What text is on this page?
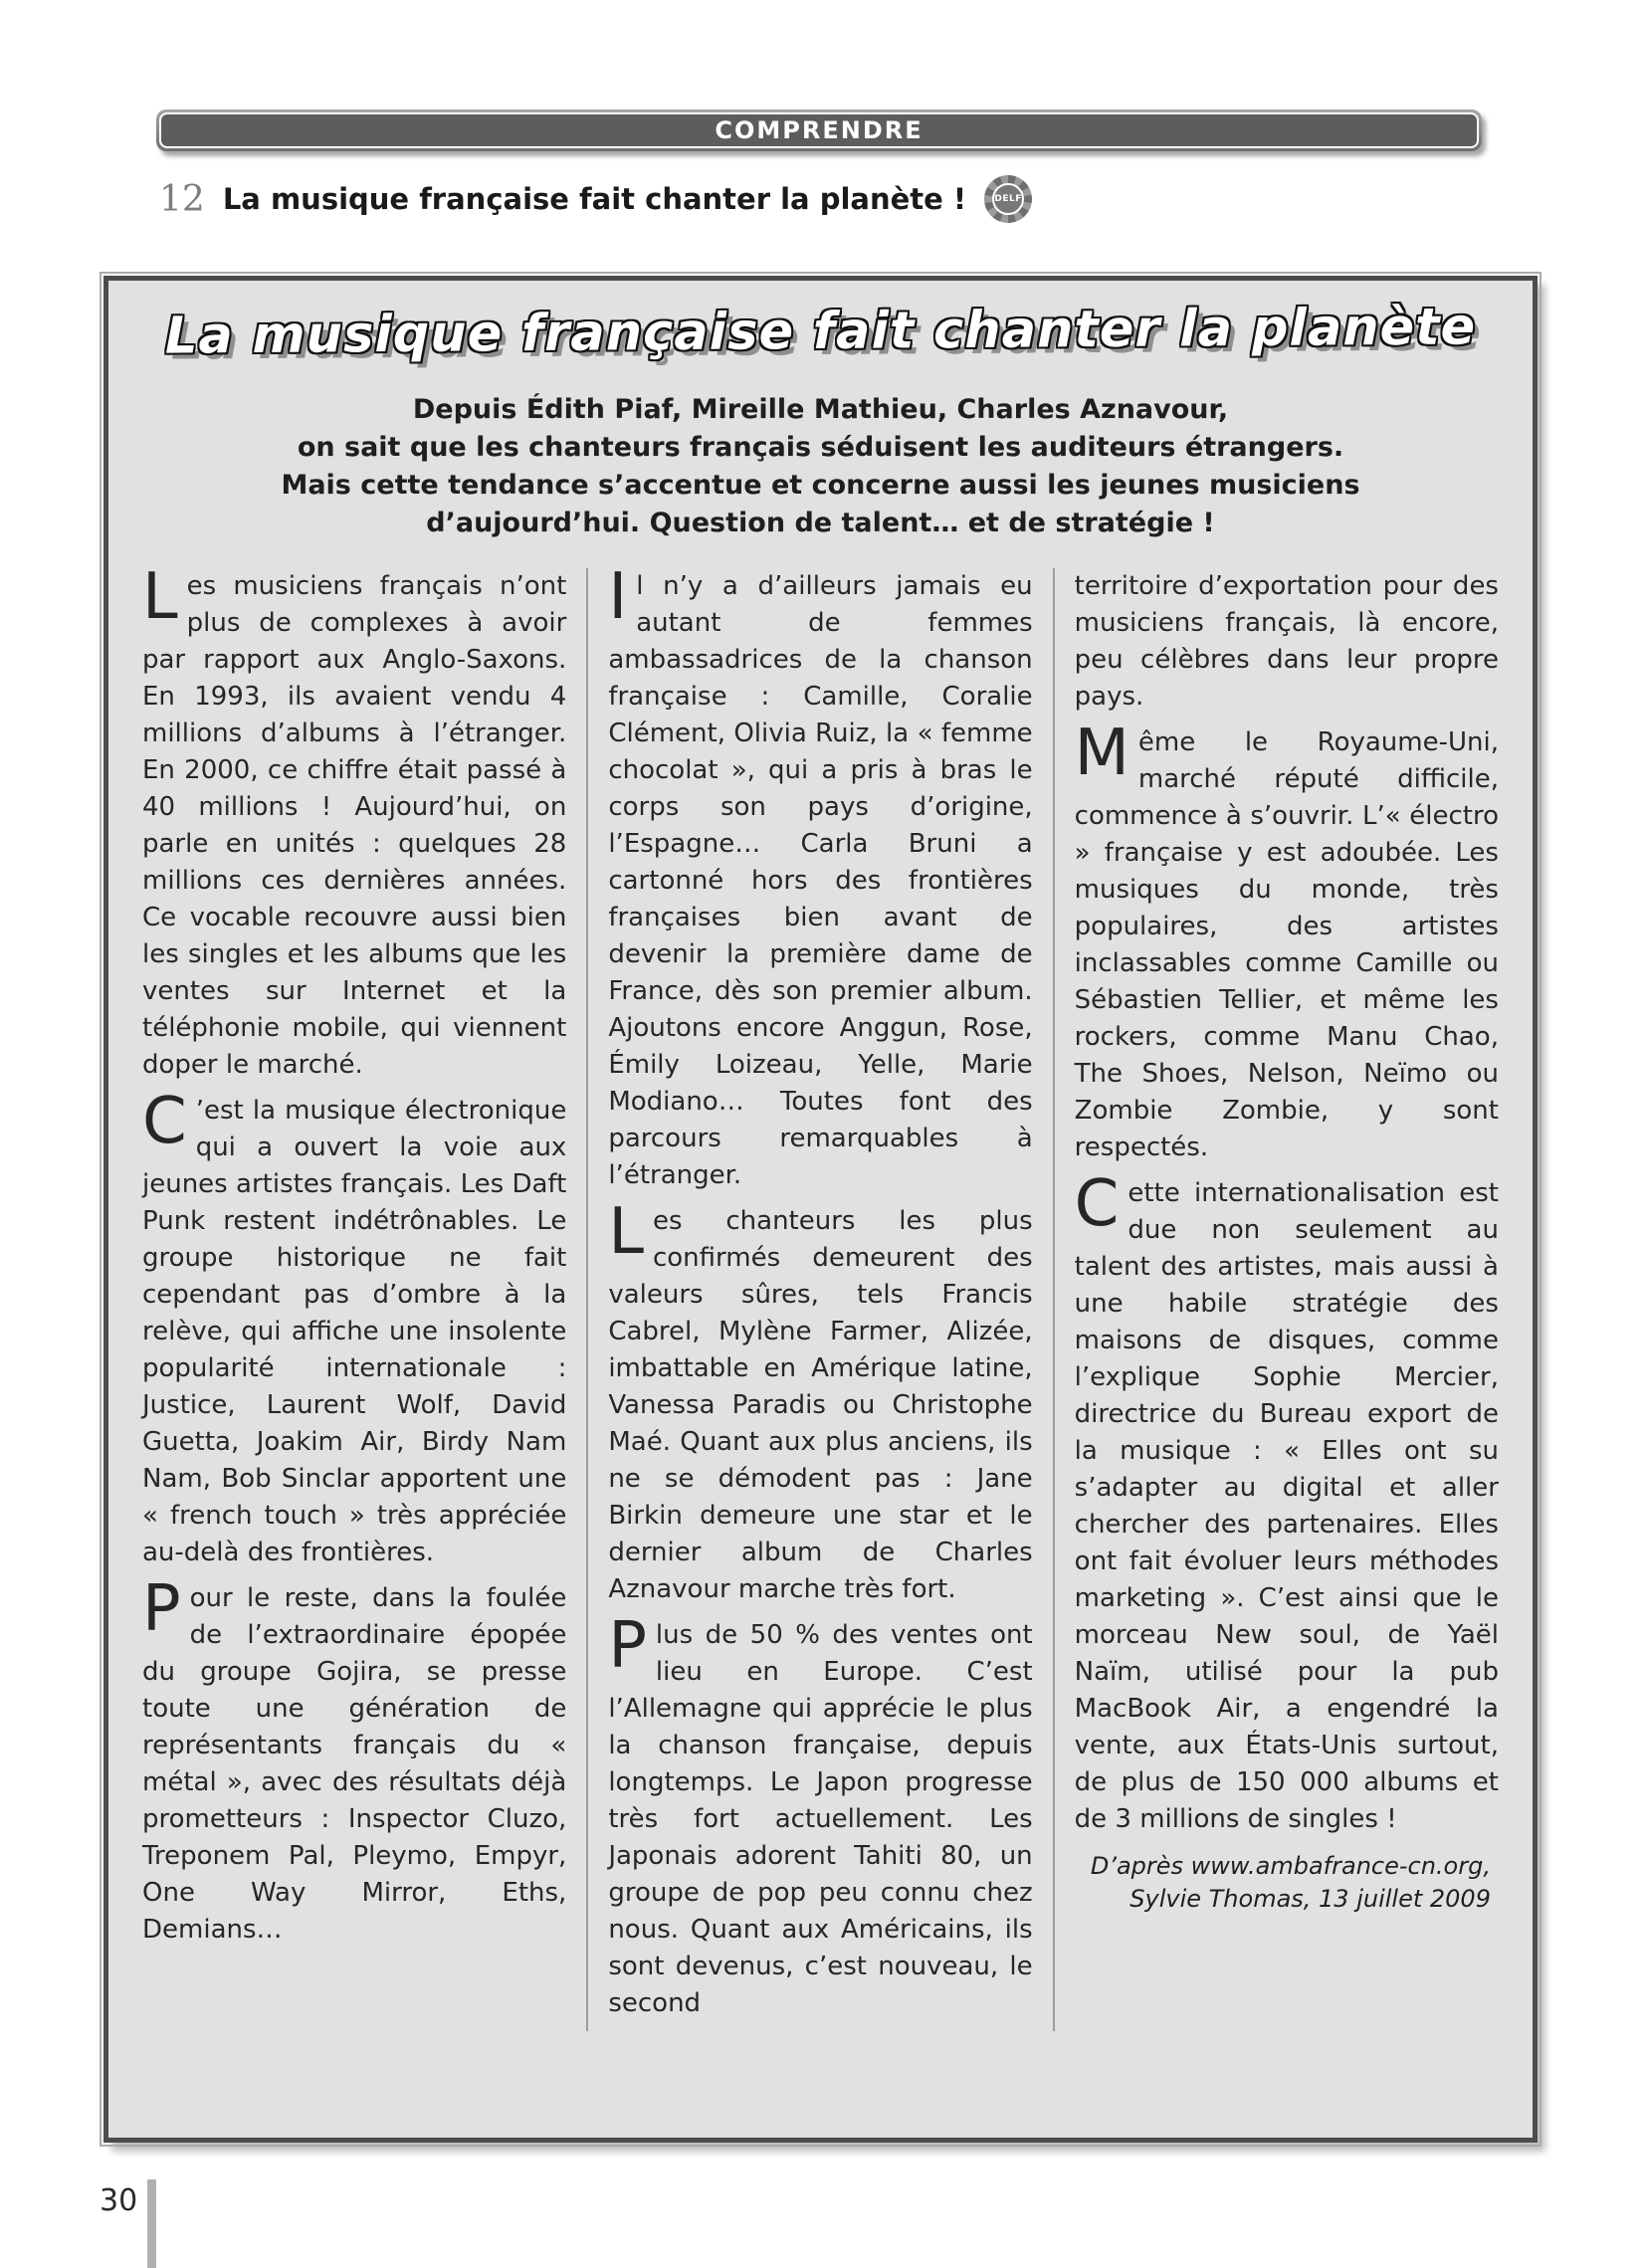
COMPRENDRE
12 La musique française fait chanter la planète !	DELF
La musique française fait chanter la planète
Depuis Édith Piaf, Mireille Mathieu, Charles Aznavour,
on sait que les chanteurs français séduisent les auditeurs étrangers.
Mais cette tendance s’accentue et concerne aussi les jeunes musiciens
d’aujourd’hui. Question de talent… et de stratégie !

Les musiciens français n’ont plus de complexes à avoir par rapport aux Anglo-Saxons. En 1993, ils avaient vendu 4 millions d’albums à l’étranger. En 2000, ce chiffre était passé à 40 millions ! Aujourd’hui, on parle en unités : quelques 28 millions ces dernières années. Ce vocable recouvre aussi bien les singles et les albums que les ventes sur Internet et la téléphonie mobile, qui viennent doper le marché.

C ’est la musique électronique qui a ouvert la voie aux jeunes artistes français. Les Daft Punk restent indétrônables. Le groupe historique ne fait cependant pas d’ombre à la relève, qui affiche une insolente popularité internationale : Justice, Laurent Wolf, David Guetta, Joakim Air, Birdy Nam Nam, Bob Sinclar apportent une « french touch » très appréciée au-delà des frontières.

Pour le reste, dans la foulée de l’extraordinaire épopée du groupe Gojira, se presse toute une génération de représentants français du « métal », avec des résultats déjà prometteurs : Inspector Cluzo, Treponem Pal, Pleymo, Empyr, One Way Mirror, Eths, Demians…

Il n’y a d’ailleurs jamais eu autant de femmes ambassadrices de la chanson française : Camille, Coralie Clément, Olivia Ruiz, la « femme chocolat », qui a pris à bras le corps son pays d’origine, l’Espagne… Carla Bruni a cartonné hors des frontières françaises bien avant de devenir la première dame de France, dès son premier album. Ajoutons encore Anggun, Rose, Émily Loizeau, Yelle, Marie Modiano… Toutes font des parcours remarquables à l’étranger.

Les chanteurs les plus confirmés demeurent des valeurs sûres, tels Francis Cabrel, Mylène Farmer, Alizée, imbattable en Amérique latine, Vanessa Paradis ou Christophe Maé. Quant aux plus anciens, ils ne se démodent pas : Jane Birkin demeure une star et le dernier album de Charles Aznavour marche très fort.

Plus de 50 % des ventes ont lieu en Europe. C’est l’Allemagne qui apprécie le plus la chanson française, depuis longtemps. Le Japon progresse très fort actuellement. Les Japonais adorent Tahiti 80, un groupe de pop peu connu chez nous. Quant aux Américains, ils sont devenus, c’est nouveau, le second

territoire d’exportation pour des musiciens français, là encore, peu célèbres dans leur propre pays.

Même le Royaume-Uni, marché réputé difficile, commence à s’ouvrir. L’« électro » française y est adoubée. Les musiques du monde, très populaires, des artistes inclassables comme Camille ou Sébastien Tellier, et même les rockers, comme Manu Chao, The Shoes, Nelson, Neïmo ou Zombie Zombie, y sont respectés.

Cette internationalisation est due non seulement au talent des artistes, mais aussi à une habile stratégie des maisons de disques, comme l’explique Sophie Mercier, directrice du Bureau export de la musique : « Elles ont su s’adapter au digital et aller chercher des partenaires. Elles ont fait évoluer leurs méthodes marketing ». C’est ainsi que le morceau New soul, de Yaël Naïm, utilisé pour la pub MacBook Air, a engendré la vente, aux États-Unis surtout, de plus de 150 000 albums et de 3 millions de singles !

D’après www.ambafrance-cn.org,
Sylvie Thomas, 13 juillet 2009
30
